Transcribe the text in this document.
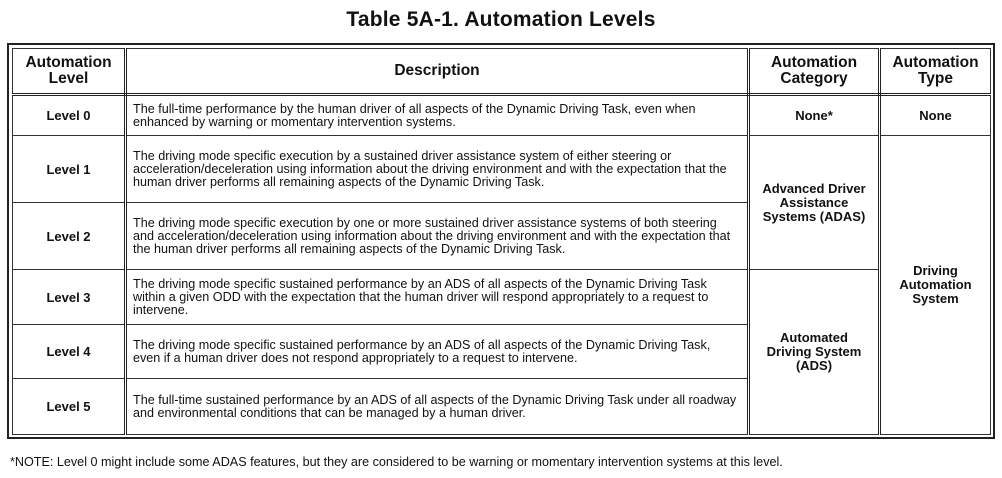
Table 5A-1. Automation Levels
Automation Level	Description	Automation Category	Automation Type
Level 0	The full-time performance by the human driver of all aspects of the Dynamic Driving Task, even when enhanced by warning or momentary intervention systems.	None*	None
Level 1	The driving mode specific execution by a sustained driver assistance system of either steering or acceleration/deceleration using information about the driving environment and with the expectation that the human driver performs all remaining aspects of the Dynamic Driving Task.	Advanced Driver Assistance Systems (ADAS)	Driving Automation System
Level 2	The driving mode specific execution by one or more sustained driver assistance systems of both steering and acceleration/deceleration using information about the driving environment and with the expectation that the human driver performs all remaining aspects of the Dynamic Driving Task.		
Level 3	The driving mode specific sustained performance by an ADS of all aspects of the Dynamic Driving Task within a given ODD with the expectation that the human driver will respond appropriately to a request to intervene.	Automated Driving System (ADS)	
Level 4	The driving mode specific sustained performance by an ADS of all aspects of the Dynamic Driving Task, even if a human driver does not respond appropriately to a request to intervene.		
Level 5	The full-time sustained performance by an ADS of all aspects of the Dynamic Driving Task under all roadway and environmental conditions that can be managed by a human driver.		
*NOTE: Level 0 might include some ADAS features, but they are considered to be warning or momentary intervention systems at this level.
